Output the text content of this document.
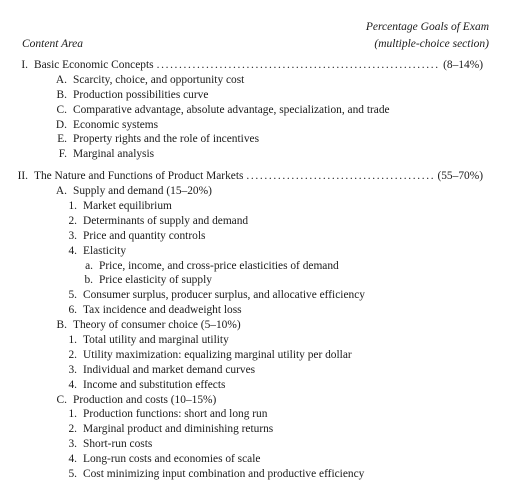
Percentage Goals of Exam
(multiple-choice section)
Content Area
I. Basic Economic Concepts . . .	(8–14%)
A. Scarcity, choice, and opportunity cost
B. Production possibilities curve
C. Comparative advantage, absolute advantage, specialization, and trade
D. Economic systems
E. Property rights and the role of incentives
F. Marginal analysis
II. The Nature and Functions of Product Markets . . .	(55–70%)
A. Supply and demand (15–20%)
1. Market equilibrium
2. Determinants of supply and demand
3. Price and quantity controls
4. Elasticity
a. Price, income, and cross-price elasticities of demand
b. Price elasticity of supply
5. Consumer surplus, producer surplus, and allocative efficiency
6. Tax incidence and deadweight loss
B. Theory of consumer choice (5–10%)
1. Total utility and marginal utility
2. Utility maximization: equalizing marginal utility per dollar
3. Individual and market demand curves
4. Income and substitution effects
C. Production and costs (10–15%)
1. Production functions: short and long run
2. Marginal product and diminishing returns
3. Short-run costs
4. Long-run costs and economies of scale
5. Cost minimizing input combination and productive efficiency
